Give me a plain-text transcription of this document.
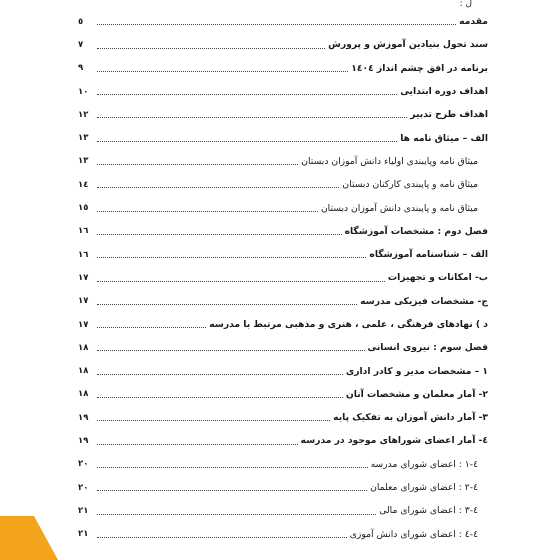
ل :
مقدمه
٥
سند تحول بنیادین آموزش و پرورش
٧
برنامه در افق چشم انداز ١٤٠٤
٩
اهداف دوره ابتدایی
١٠
اهداف طرح تدبیر
١٢
الف – میثاق نامه ها
١٣
میثاق نامه وپایبندی اولیاء دانش آموزان دبستان
١٣
میثاق نامه و پایبندی کارکنان دبستان
١٤
میثاق نامه و پایبندی دانش آموزان دبستان
١٥
فصل دوم : مشخصات آموزشگاه
١٦
الف – شناسنامه آموزشگاه
١٦
ب- امکانات و تجهیزات
١٧
ج- مشخصات فیزیکی مدرسه
١٧
د ) نهادهای فرهنگی ، علمی ، هنری و مذهبی مرتبط با مدرسه
١٧
فصل سوم : نیروی انسانی
١٨
١ – مشخصات مدیر و کادر اداری
١٨
٢- آمار معلمان و مشخصات آنان
١٨
٣- آمار دانش آموزان به تفکیک پایه
١٩
٤- آمار اعضای شوراهای موجود در مدرسه
١٩
٤-١ : اعضای شورای مدرسه
٢٠
٤-٢ : اعضای شورای معلمان
٢٠
٤-٣ : اعضای شورای مالی
٢١
٤-٤ : اعضای شورای دانش آموزی
٢١
